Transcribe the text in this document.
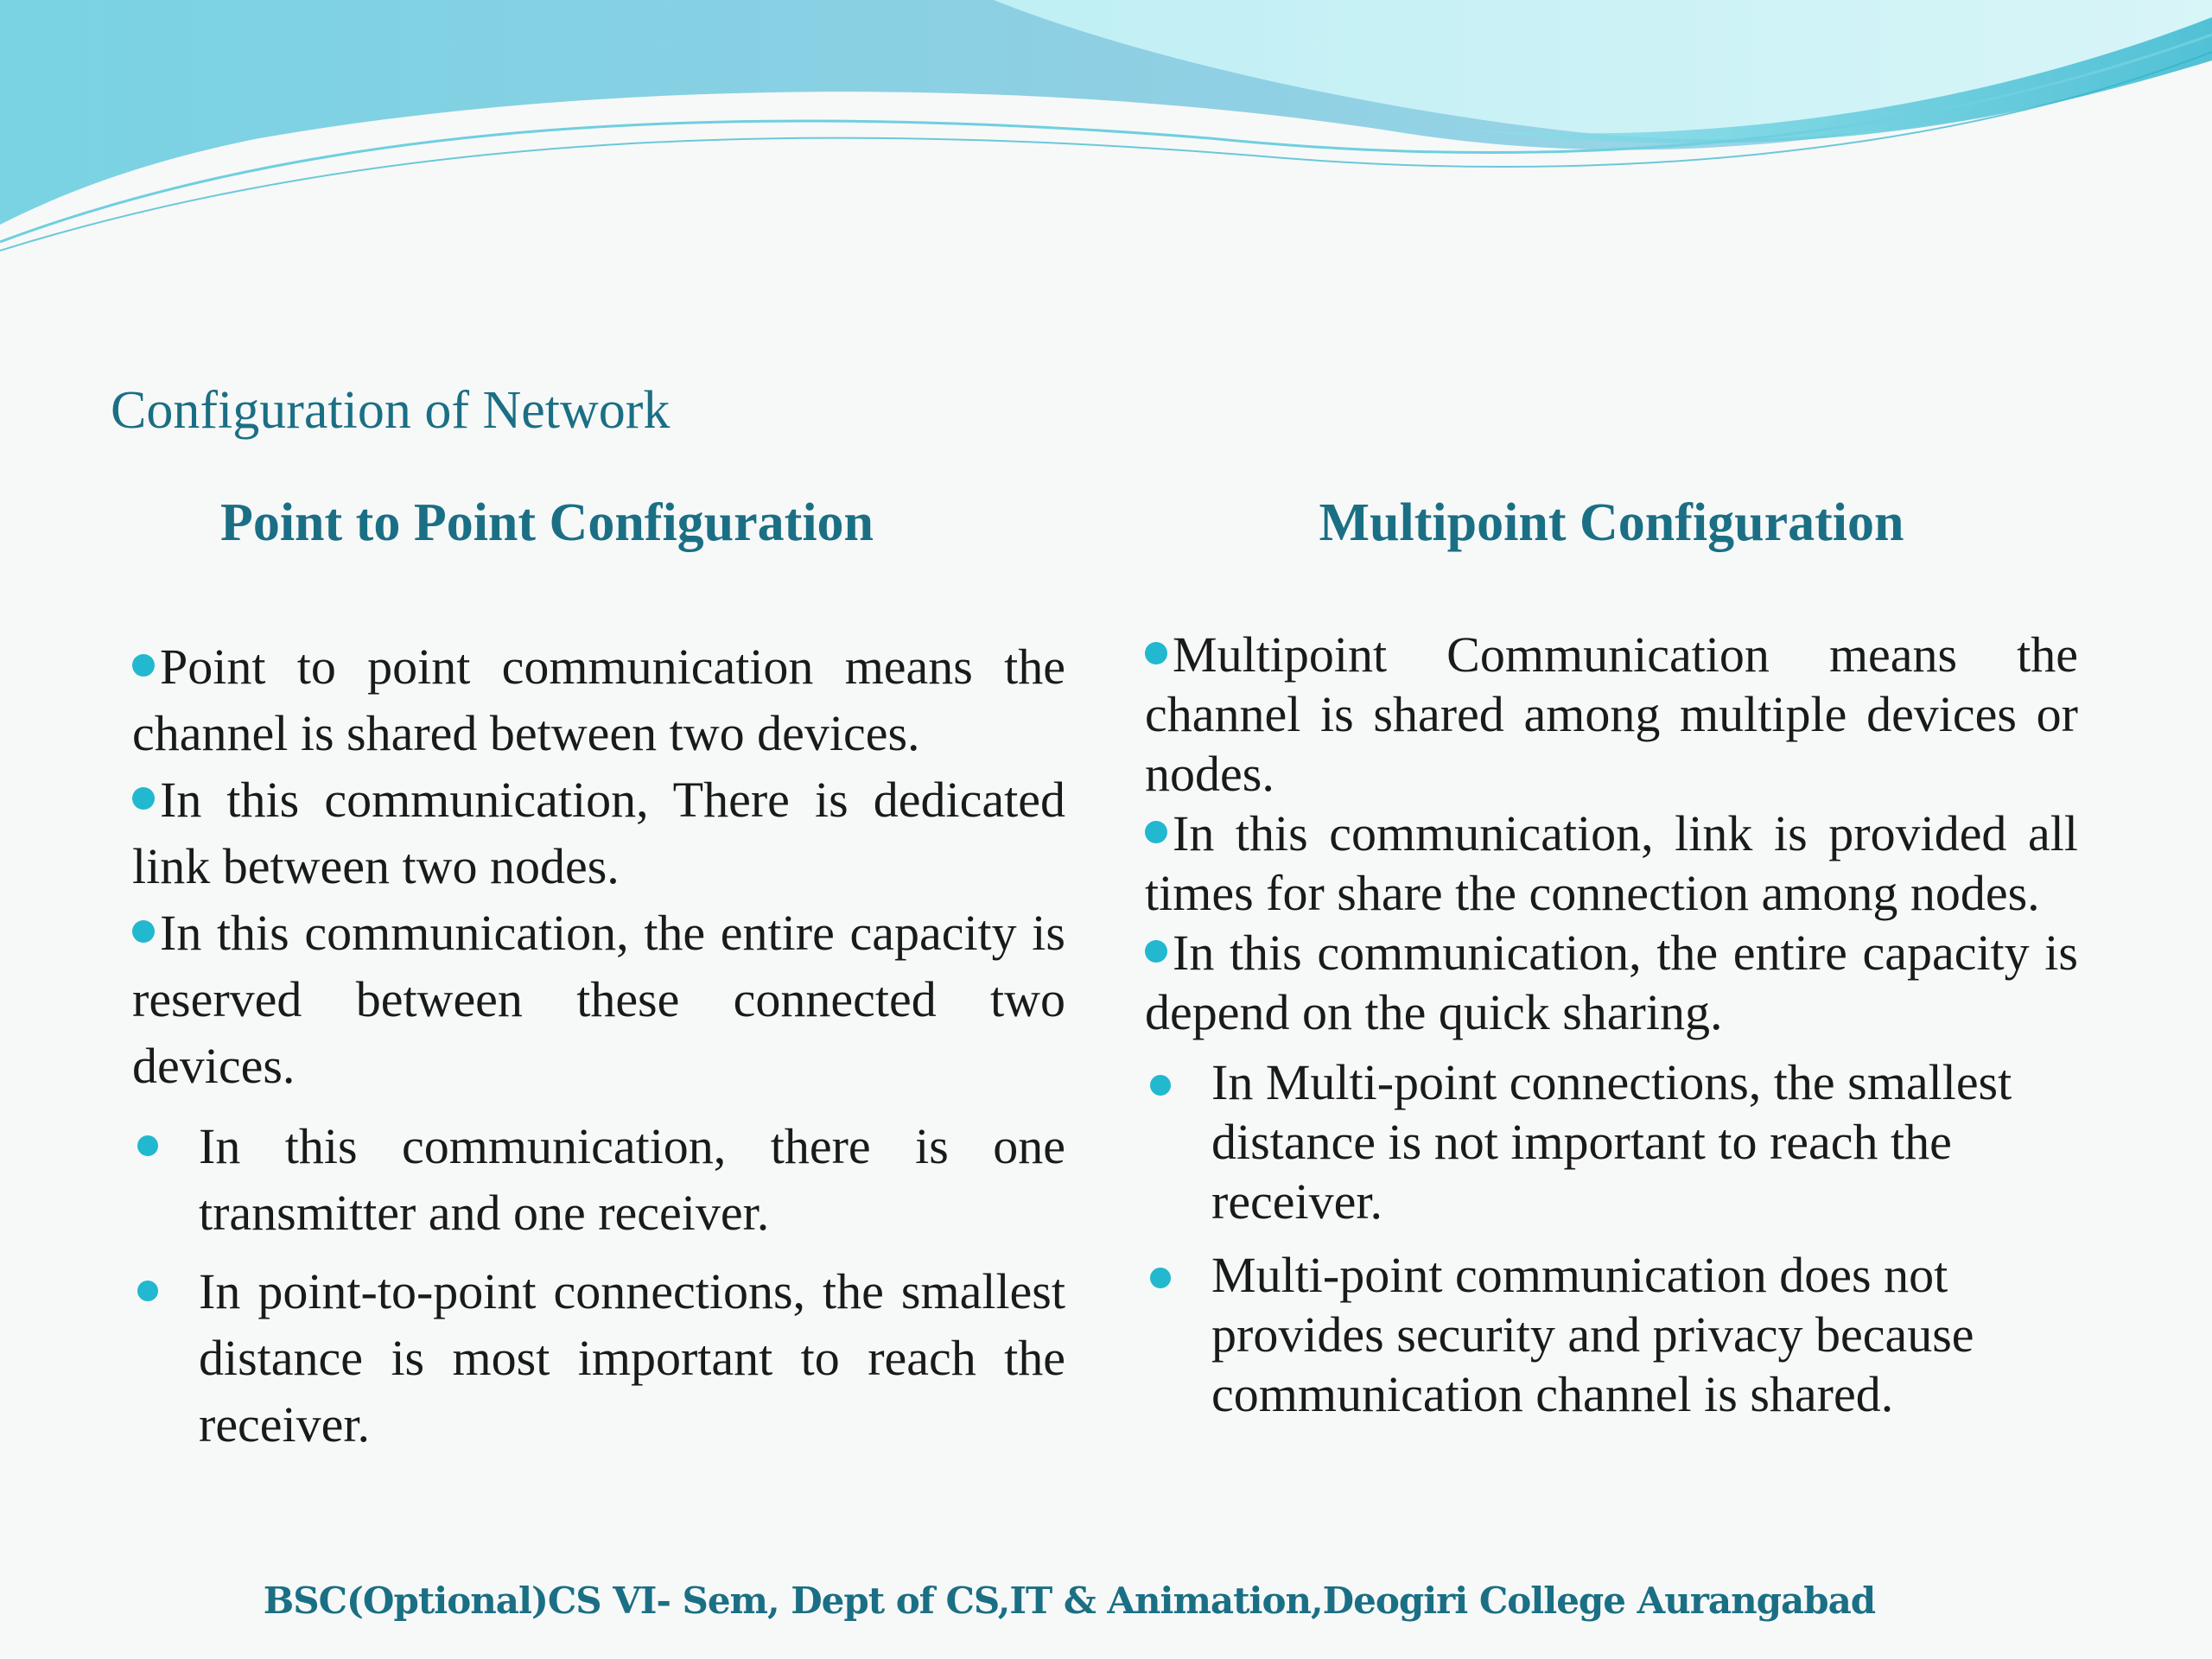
Configuration of Network
Point to Point Configuration
Point to point communication means the channel is shared between two devices.
In this communication, There is dedicated link between two nodes.
In this communication, the entire capacity is reserved between these connected two devices.
In this communication, there is one transmitter and one receiver.
In point-to-point connections, the smallest distance is most important to reach the receiver.
Multipoint Configuration
Multipoint Communication means the channel is shared among multiple devices or nodes.
In this communication, link is provided all times for share the connection among nodes.
In this communication, the entire capacity is depend on the quick sharing.
In Multi-point connections, the smallest distance is not important to reach the receiver.
Multi-point communication does not provides security and privacy because communication channel is shared.
BSC(Optional)CS VI- Sem, Dept of CS,IT & Animation,Deogiri College Aurangabad
